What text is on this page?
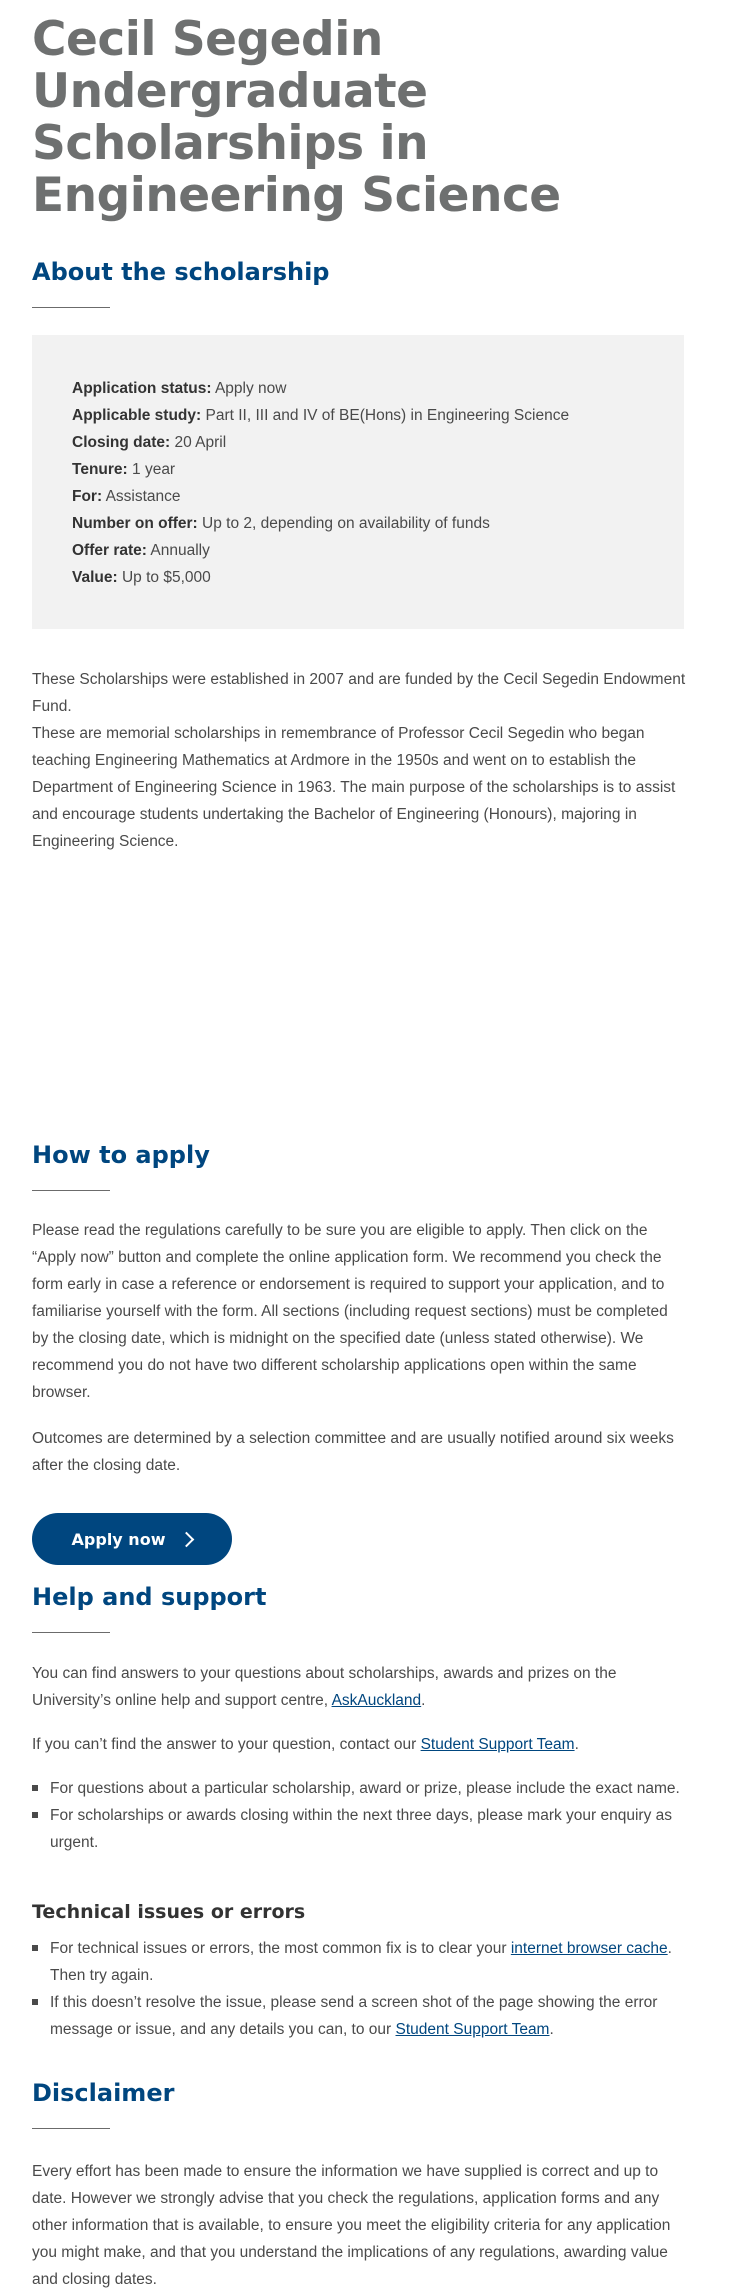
Cecil Segedin Undergraduate Scholarships in Engineering Science
About the scholarship
Application status: Apply now
Applicable study: Part II, III and IV of BE(Hons) in Engineering Science
Closing date: 20 April
Tenure: 1 year
For: Assistance
Number on offer: Up to 2, depending on availability of funds
Offer rate: Annually
Value: Up to $5,000

These Scholarships were established in 2007 and are funded by the Cecil Segedin Endowment Fund.

These are memorial scholarships in remembrance of Professor Cecil Segedin who began teaching Engineering Mathematics at Ardmore in the 1950s and went on to establish the Department of Engineering Science in 1963. The main purpose of the scholarships is to assist and encourage students undertaking the Bachelor of Engineering (Honours), majoring in Engineering Science.

How to apply

Please read the regulations carefully to be sure you are eligible to apply. Then click on the “Apply now” button and complete the online application form. We recommend you check the form early in case a reference or endorsement is required to support your application, and to familiarise yourself with the form. All sections (including request sections) must be completed by the closing date, which is midnight on the specified date (unless stated otherwise). We recommend you do not have two different scholarship applications open within the same browser.

Outcomes are determined by a selection committee and are usually notified around six weeks after the closing date.

Apply now
Help and support

You can find answers to your questions about scholarships, awards and prizes on the University’s online help and support centre, AskAuckland.

If you can’t find the answer to your question, contact our Student Support Team.

For questions about a particular scholarship, award or prize, please include the exact name.
For scholarships or awards closing within the next three days, please mark your enquiry as urgent.
Technical issues or errors
For technical issues or errors, the most common fix is to clear your internet browser cache. Then try again.
If this doesn’t resolve the issue, please send a screen shot of the page showing the error message or issue, and any details you can, to our Student Support Team.
Disclaimer

Every effort has been made to ensure the information we have supplied is correct and up to date. However we strongly advise that you check the regulations, application forms and any other information that is available, to ensure you meet the eligibility criteria for any application you might make, and that you understand the implications of any regulations, awarding value and closing dates.
